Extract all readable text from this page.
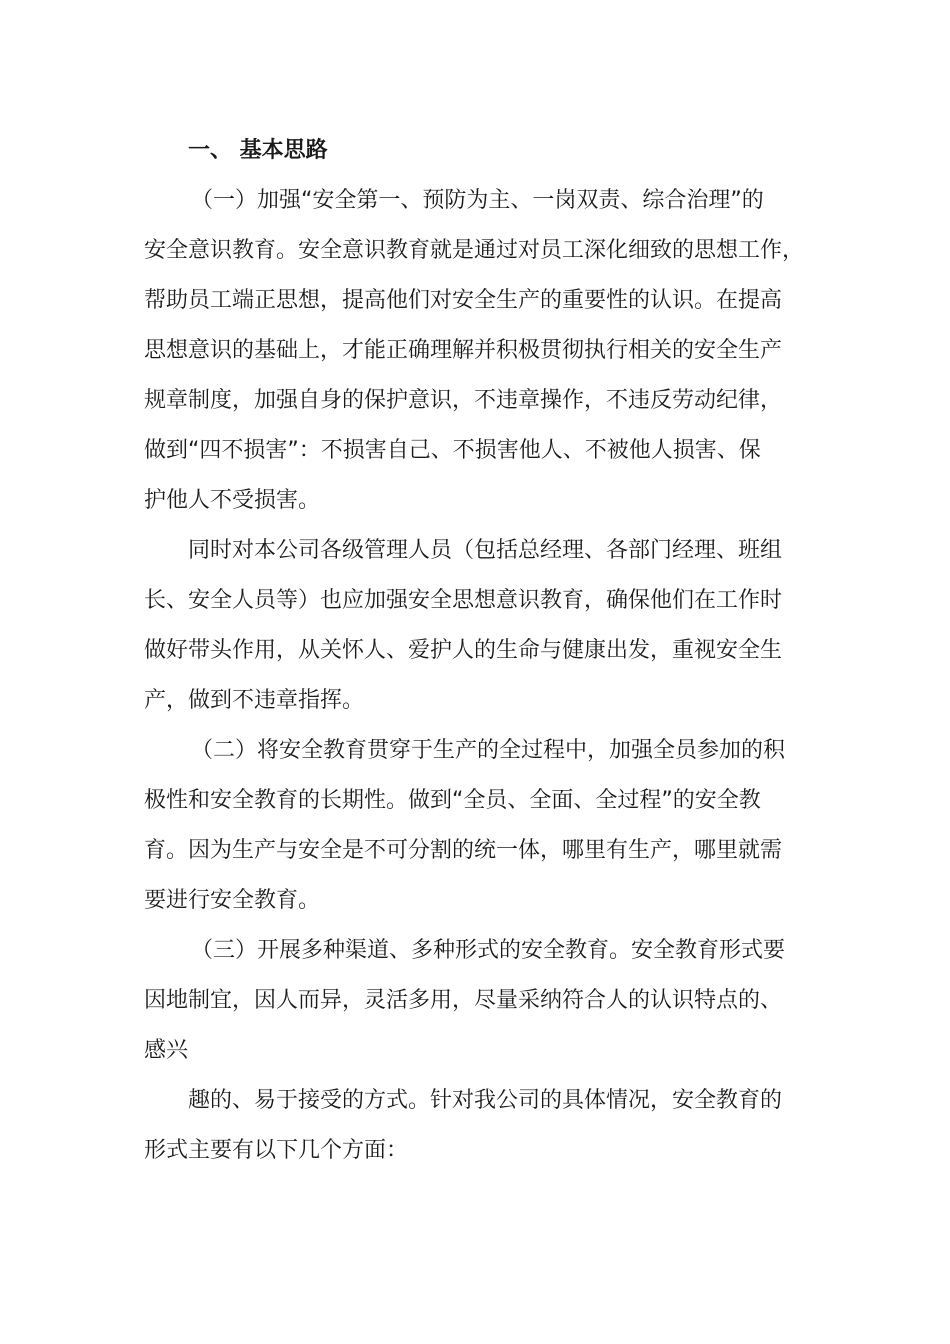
一、 基本思路
（一）加强“安全第一、预防为主、一岗双责、综合治理”的
安全意识教育。安全意识教育就是通过对员工深化细致的思想工作，
帮助员工端正思想，提高他们对安全生产的重要性的认识。在提高
思想意识的基础上，才能正确理解并积极贯彻执行相关的安全生产
规章制度，加强自身的保护意识，不违章操作，不违反劳动纪律，
做到“四不损害”：不损害自己、不损害他人、不被他人损害、保
护他人不受损害。
同时对本公司各级管理人员（包括总经理、各部门经理、班组
长、安全人员等）也应加强安全思想意识教育，确保他们在工作时
做好带头作用，从关怀人、爱护人的生命与健康出发，重视安全生
产，做到不违章指挥。
（二）将安全教育贯穿于生产的全过程中，加强全员参加的积
极性和安全教育的长期性。做到“全员、全面、全过程”的安全教
育。因为生产与安全是不可分割的统一体，哪里有生产，哪里就需
要进行安全教育。
（三）开展多种渠道、多种形式的安全教育。安全教育形式要
因地制宜，因人而异，灵活多用，尽量采纳符合人的认识特点的、
感兴
趣的、易于接受的方式。针对我公司的具体情况，安全教育的
形式主要有以下几个方面：
